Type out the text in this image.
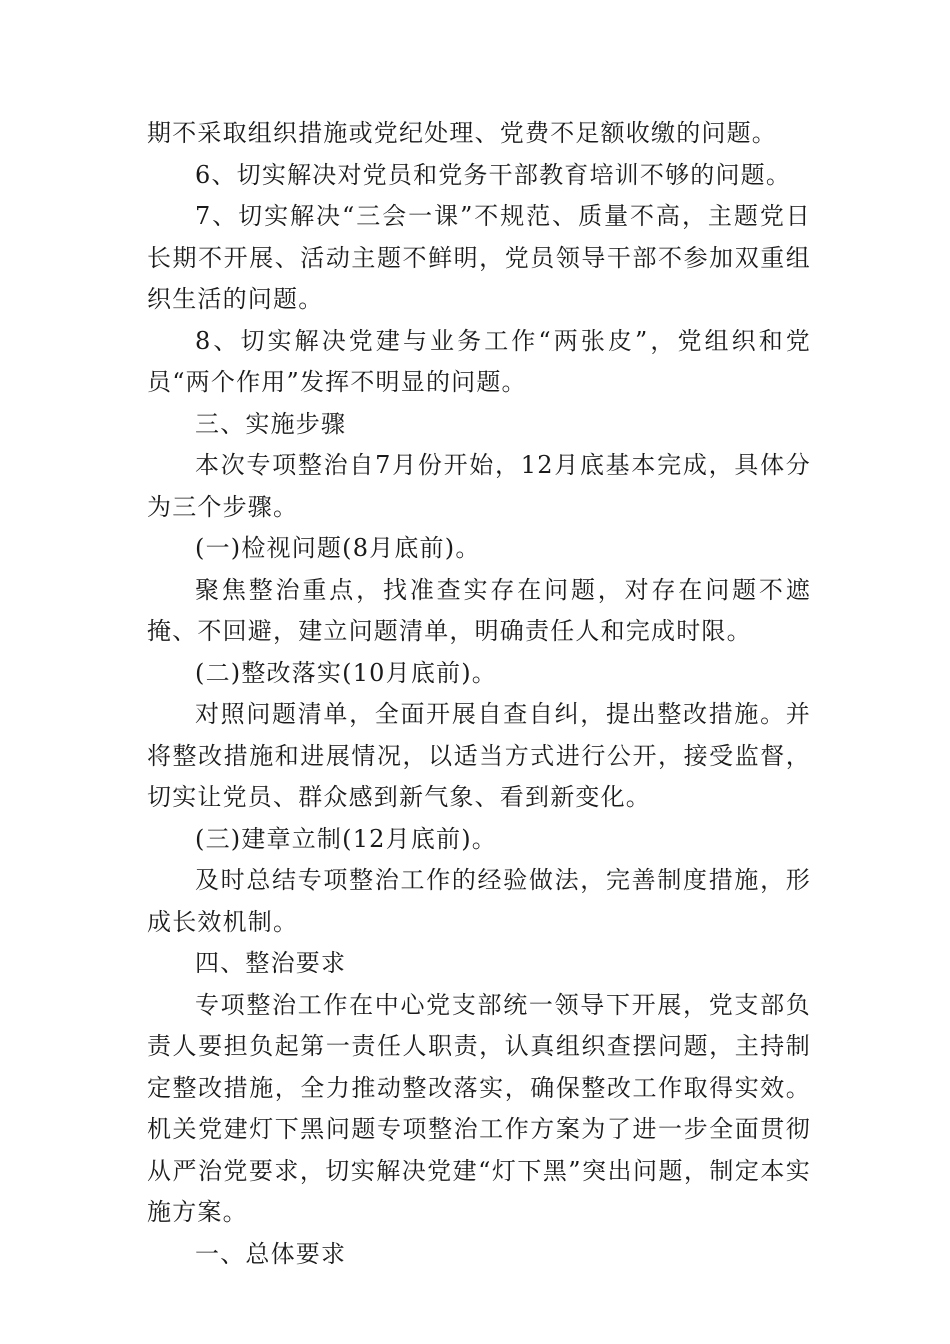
期不采取组织措施或党纪处理、党费不足额收缴的问题。

6、切实解决对党员和党务干部教育培训不够的问题。

7、切实解决“三会一课”不规范、质量不高，主题党日长期不开展、活动主题不鲜明，党员领导干部不参加双重组织生活的问题。

8、切实解决党建与业务工作“两张皮”，党组织和党员“两个作用”发挥不明显的问题。

三、实施步骤

本次专项整治自7月份开始，12月底基本完成，具体分为三个步骤。

(一)检视问题(8月底前)。

聚焦整治重点，找准查实存在问题，对存在问题不遮掩、不回避，建立问题清单，明确责任人和完成时限。

(二)整改落实(10月底前)。

对照问题清单，全面开展自查自纠，提出整改措施。并将整改措施和进展情况，以适当方式进行公开，接受监督，切实让党员、群众感到新气象、看到新变化。

(三)建章立制(12月底前)。

及时总结专项整治工作的经验做法，完善制度措施，形成长效机制。

四、整治要求

专项整治工作在中心党支部统一领导下开展，党支部负责人要担负起第一责任人职责，认真组织查摆问题，主持制定整改措施，全力推动整改落实，确保整改工作取得实效。机关党建灯下黑问题专项整治工作方案为了进一步全面贯彻从严治党要求，切实解决党建“灯下黑”突出问题，制定本实施方案。

一、总体要求
